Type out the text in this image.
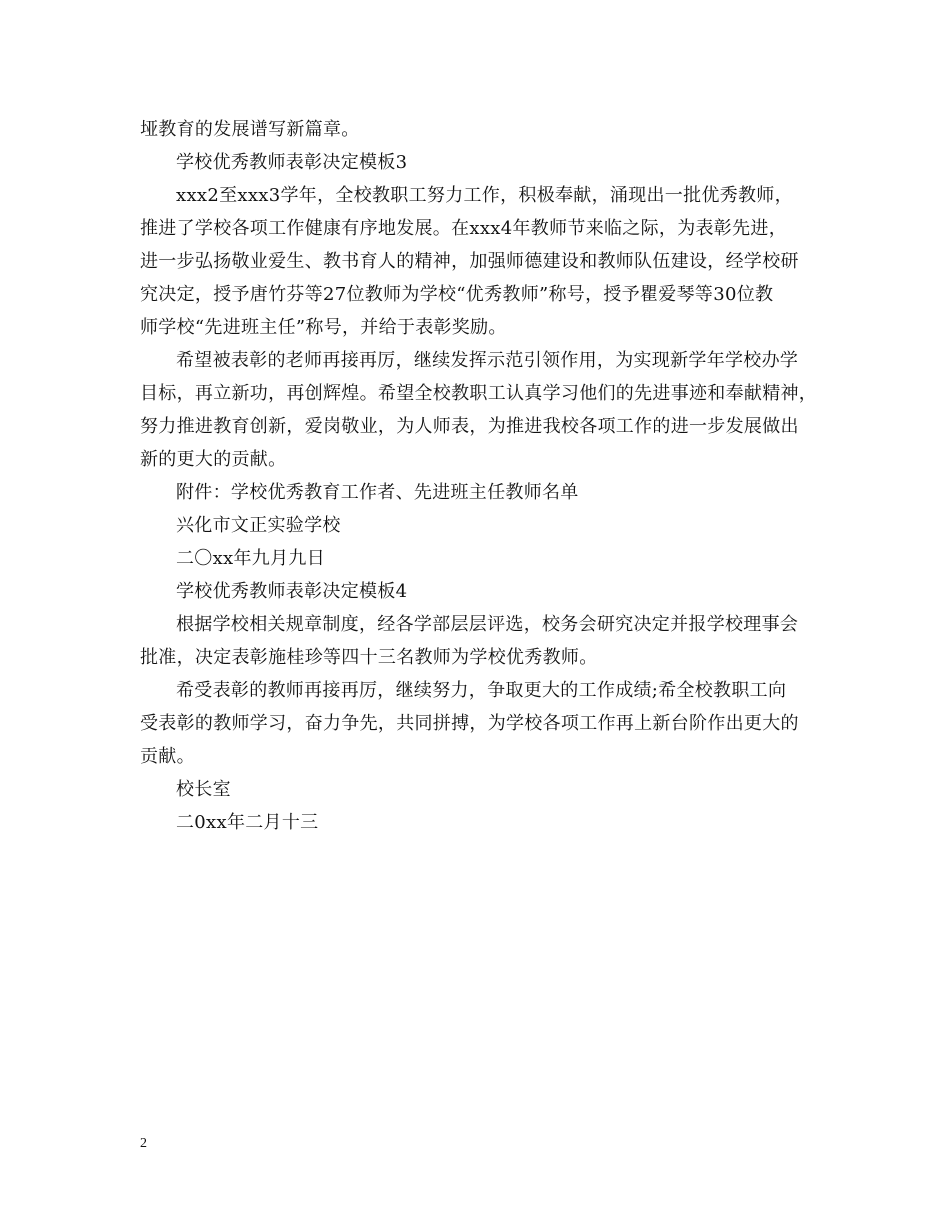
垭教育的发展谱写新篇章。
学校优秀教师表彰决定模板3
xxx2至xxx3学年，全校教职工努力工作，积极奉献，涌现出一批优秀教师，
推进了学校各项工作健康有序地发展。在xxx4年教师节来临之际，为表彰先进，
进一步弘扬敬业爱生、教书育人的精神，加强师德建设和教师队伍建设，经学校研
究决定，授予唐竹芬等27位教师为学校“优秀教师”称号，授予瞿爱琴等30位教
师学校“先进班主任”称号，并给于表彰奖励。
希望被表彰的老师再接再厉，继续发挥示范引领作用，为实现新学年学校办学
目标，再立新功，再创辉煌。希望全校教职工认真学习他们的先进事迹和奉献精神，
努力推进教育创新，爱岗敬业，为人师表，为推进我校各项工作的进一步发展做出
新的更大的贡献。
附件：学校优秀教育工作者、先进班主任教师名单
兴化市文正实验学校
二〇xx年九月九日
学校优秀教师表彰决定模板4
根据学校相关规章制度，经各学部层层评选，校务会研究决定并报学校理事会
批准，决定表彰施桂珍等四十三名教师为学校优秀教师。
希受表彰的教师再接再厉，继续努力，争取更大的工作成绩;希全校教职工向
受表彰的教师学习，奋力争先，共同拼搏，为学校各项工作再上新台阶作出更大的
贡献。
校长室
二0xx年二月十三
2
